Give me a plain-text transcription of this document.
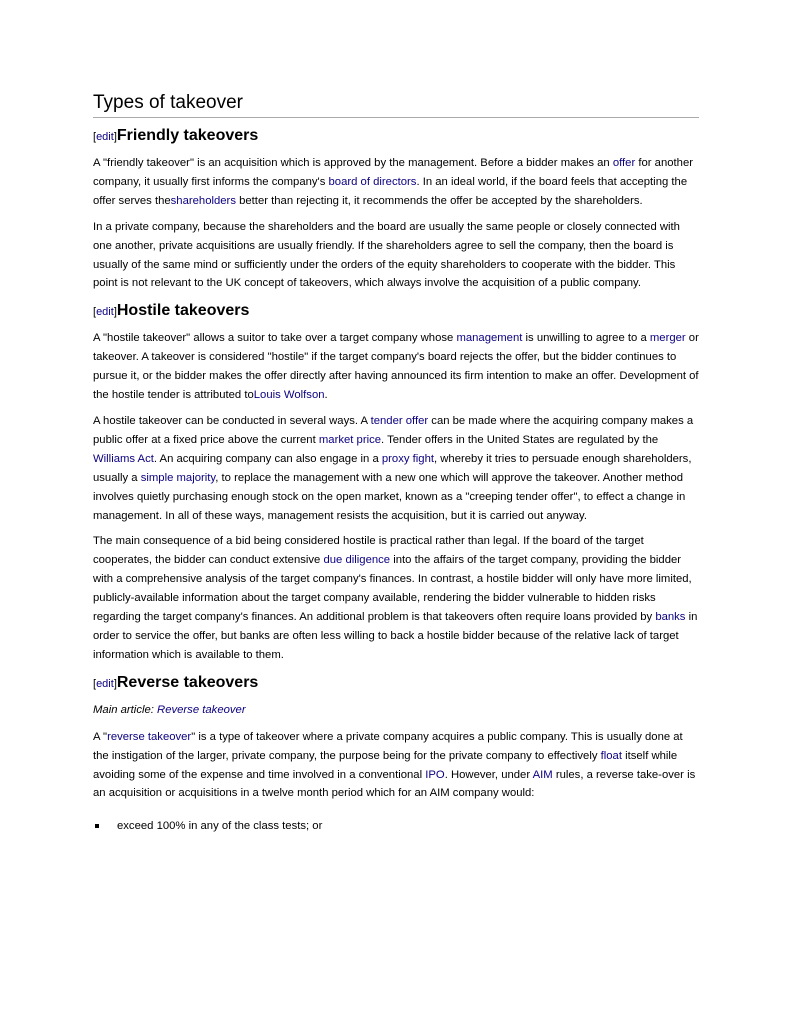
Types of takeover
[edit]Friendly takeovers

A "friendly takeover" is an acquisition which is approved by the management. Before a bidder makes an offer for another company, it usually first informs the company's board of directors. In an ideal world, if the board feels that accepting the offer serves theshareholders better than rejecting it, it recommends the offer be accepted by the shareholders.

In a private company, because the shareholders and the board are usually the same people or closely connected with one another, private acquisitions are usually friendly. If the shareholders agree to sell the company, then the board is usually of the same mind or sufficiently under the orders of the equity shareholders to cooperate with the bidder. This point is not relevant to the UK concept of takeovers, which always involve the acquisition of a public company.

[edit]Hostile takeovers

A "hostile takeover" allows a suitor to take over a target company whose management is unwilling to agree to a merger or takeover. A takeover is considered "hostile" if the target company's board rejects the offer, but the bidder continues to pursue it, or the bidder makes the offer directly after having announced its firm intention to make an offer. Development of the hostile tender is attributed toLouis Wolfson.

A hostile takeover can be conducted in several ways. A tender offer can be made where the acquiring company makes a public offer at a fixed price above the current market price. Tender offers in the United States are regulated by the Williams Act. An acquiring company can also engage in a proxy fight, whereby it tries to persuade enough shareholders, usually a simple majority, to replace the management with a new one which will approve the takeover. Another method involves quietly purchasing enough stock on the open market, known as a "creeping tender offer", to effect a change in management. In all of these ways, management resists the acquisition, but it is carried out anyway.

The main consequence of a bid being considered hostile is practical rather than legal. If the board of the target cooperates, the bidder can conduct extensive due diligence into the affairs of the target company, providing the bidder with a comprehensive analysis of the target company's finances. In contrast, a hostile bidder will only have more limited, publicly-available information about the target company available, rendering the bidder vulnerable to hidden risks regarding the target company's finances. An additional problem is that takeovers often require loans provided by banks in order to service the offer, but banks are often less willing to back a hostile bidder because of the relative lack of target information which is available to them.

[edit]Reverse takeovers
Main article: Reverse takeover

A "reverse takeover" is a type of takeover where a private company acquires a public company. This is usually done at the instigation of the larger, private company, the purpose being for the private company to effectively float itself while avoiding some of the expense and time involved in a conventional IPO. However, under AIM rules, a reverse take-over is an acquisition or acquisitions in a twelve month period which for an AIM company would:

exceed 100% in any of the class tests; or
